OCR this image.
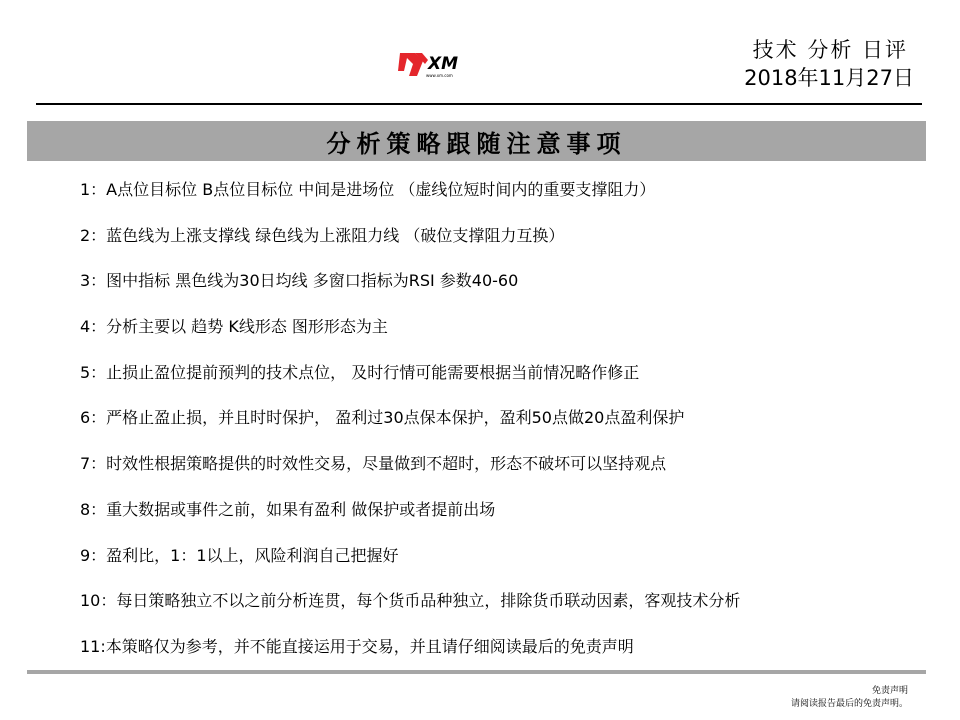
XM
www.xm.com
技术 分析 日评
2018年11月27日
分析策略跟随注意事项
1：A点位目标位 B点位目标位 中间是进场位 （虚线位短时间内的重要支撑阻力）
2：蓝色线为上涨支撑线 绿色线为上涨阻力线 （破位支撑阻力互换）
3：图中指标 黑色线为30日均线 多窗口指标为RSI 参数40-60
4：分析主要以 趋势 K线形态 图形形态为主
5：止损止盈位提前预判的技术点位， 及时行情可能需要根据当前情况略作修正
6：严格止盈止损，并且时时保护， 盈利过30点保本保护，盈利50点做20点盈利保护
7：时效性根据策略提供的时效性交易，尽量做到不超时，形态不破坏可以坚持观点
8：重大数据或事件之前，如果有盈利 做保护或者提前出场
9：盈利比，1：1以上，风险利润自己把握好
10：每日策略独立不以之前分析连贯，每个货币品种独立，排除货币联动因素，客观技术分析
11:本策略仅为参考，并不能直接运用于交易，并且请仔细阅读最后的免责声明
免责声明
请阅读报告最后的免责声明。
